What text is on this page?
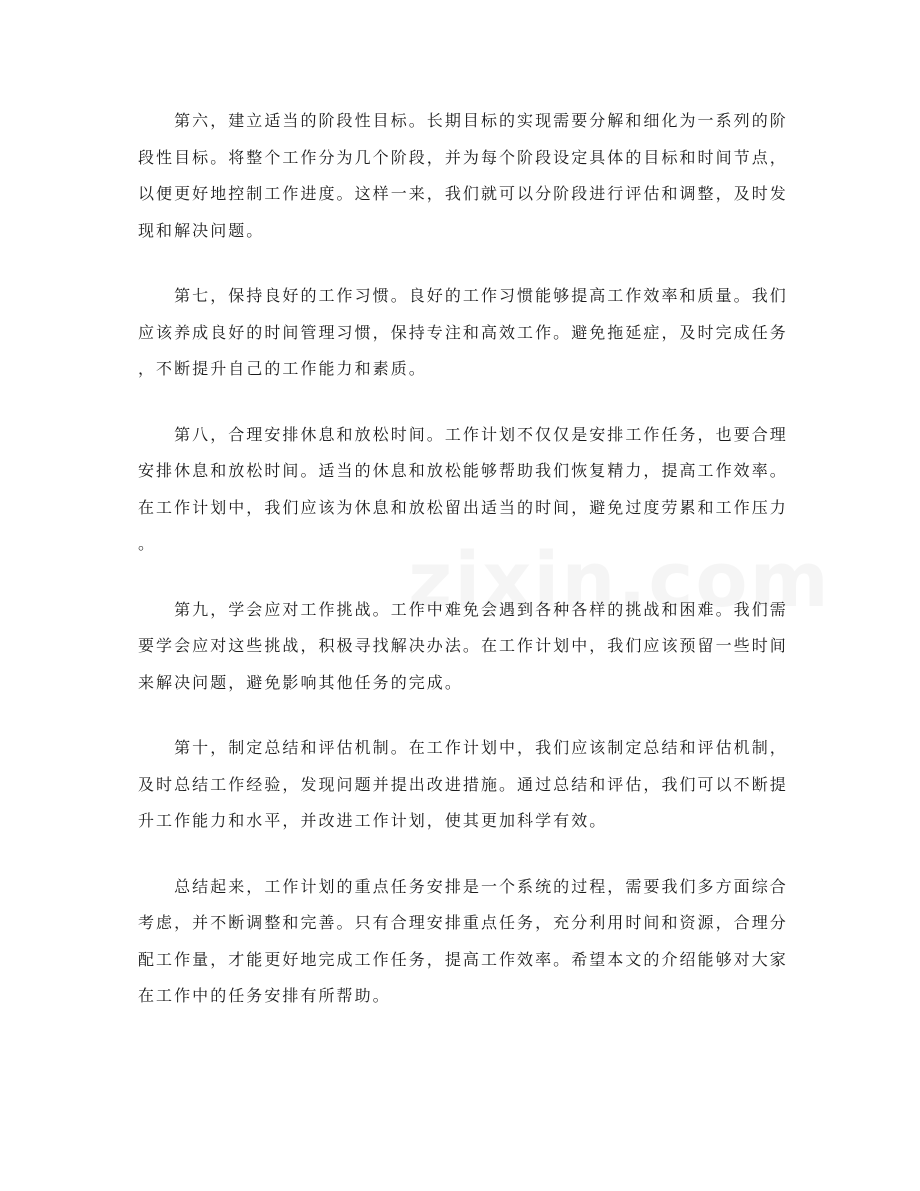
　　第六，建立适当的阶段性目标。长期目标的实现需要分解和细化为一系列的阶
段性目标。将整个工作分为几个阶段，并为每个阶段设定具体的目标和时间节点，
以便更好地控制工作进度。这样一来，我们就可以分阶段进行评估和调整，及时发
现和解决问题。
　　第七，保持良好的工作习惯。良好的工作习惯能够提高工作效率和质量。我们
应该养成良好的时间管理习惯，保持专注和高效工作。避免拖延症，及时完成任务
，不断提升自己的工作能力和素质。
　　第八，合理安排休息和放松时间。工作计划不仅仅是安排工作任务，也要合理
安排休息和放松时间。适当的休息和放松能够帮助我们恢复精力，提高工作效率。
在工作计划中，我们应该为休息和放松留出适当的时间，避免过度劳累和工作压力
。
　　第九，学会应对工作挑战。工作中难免会遇到各种各样的挑战和困难。我们需
要学会应对这些挑战，积极寻找解决办法。在工作计划中，我们应该预留一些时间
来解决问题，避免影响其他任务的完成。
　　第十，制定总结和评估机制。在工作计划中，我们应该制定总结和评估机制，
及时总结工作经验，发现问题并提出改进措施。通过总结和评估，我们可以不断提
升工作能力和水平，并改进工作计划，使其更加科学有效。
　　总结起来，工作计划的重点任务安排是一个系统的过程，需要我们多方面综合
考虑，并不断调整和完善。只有合理安排重点任务，充分利用时间和资源，合理分
配工作量，才能更好地完成工作任务，提高工作效率。希望本文的介绍能够对大家
在工作中的任务安排有所帮助。
